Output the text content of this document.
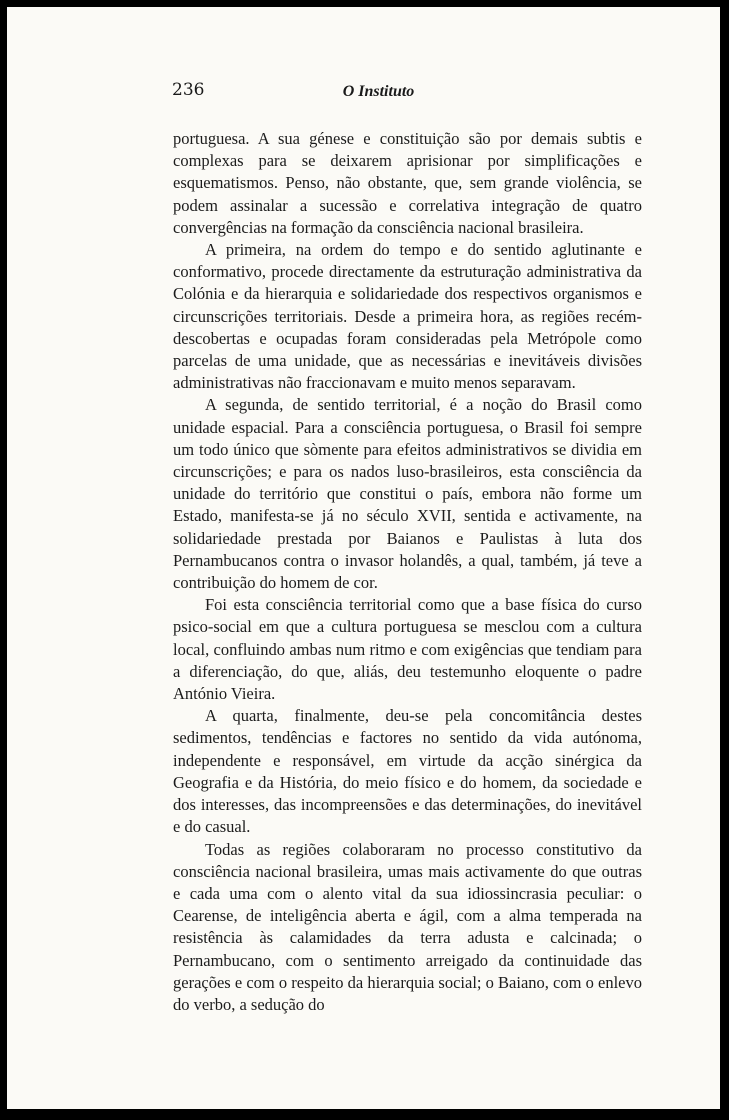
236	O Instituto

portuguesa. A sua génese e constituição são por demais subtis e complexas para se deixarem aprisionar por simplificações e esquematismos. Penso, não obstante, que, sem grande violência, se podem assinalar a sucessão e correlativa integração de quatro convergências na formação da consciência nacional brasileira.

A primeira, na ordem do tempo e do sentido aglutinante e conformativo, procede directamente da estruturação administrativa da Colónia e da hierarquia e solidariedade dos respectivos organismos e circunscrições territoriais. Desde a primeira hora, as regiões recém-descobertas e ocupadas foram consideradas pela Metrópole como parcelas de uma unidade, que as necessárias e inevitáveis divisões administrativas não fraccionavam e muito menos separavam.

A segunda, de sentido territorial, é a noção do Brasil como unidade espacial. Para a consciência portuguesa, o Brasil foi sempre um todo único que sòmente para efeitos administrativos se dividia em circunscrições; e para os nados luso-brasileiros, esta consciência da unidade do território que constitui o país, embora não forme um Estado, manifesta-se já no século XVII, sentida e activamente, na solidariedade prestada por Baianos e Paulistas à luta dos Pernambucanos contra o invasor holandês, a qual, também, já teve a contribuição do homem de cor.

Foi esta consciência territorial como que a base física do curso psico-social em que a cultura portuguesa se mesclou com a cultura local, confluindo ambas num ritmo e com exigências que tendiam para a diferenciação, do que, aliás, deu testemunho eloquente o padre António Vieira.

A quarta, finalmente, deu-se pela concomitância destes sedimentos, tendências e factores no sentido da vida autónoma, independente e responsável, em virtude da acção sinérgica da Geografia e da História, do meio físico e do homem, da sociedade e dos interesses, das incompreensões e das determinações, do inevitável e do casual.

Todas as regiões colaboraram no processo constitutivo da consciência nacional brasileira, umas mais activamente do que outras e cada uma com o alento vital da sua idiossincrasia peculiar: o Cearense, de inteligência aberta e ágil, com a alma temperada na resistência às calamidades da terra adusta e calcinada; o Pernambucano, com o sentimento arreigado da continuidade das gerações e com o respeito da hierarquia social; o Baiano, com o enlevo do verbo, a sedução do
